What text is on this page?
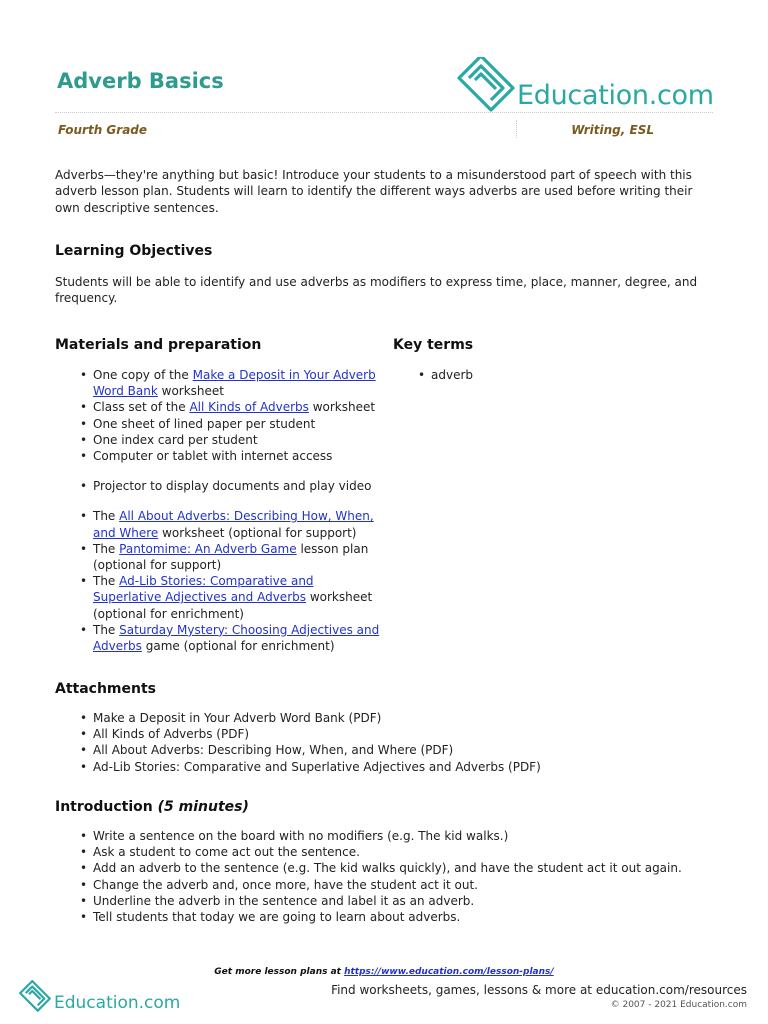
Adverb Basics	Education.com
Fourth Grade	Writing, ESL
Adverbs—they're anything but basic! Introduce your students to a misunderstood part of speech with this adverb lesson plan. Students will learn to identify the different ways adverbs are used before writing their own descriptive sentences.
Learning Objectives
Students will be able to identify and use adverbs as modifiers to express time, place, manner, degree, and frequency.
Materials and preparation
• One copy of the Make a Deposit in Your Adverb Word Bank worksheet
• Class set of the All Kinds of Adverbs worksheet
• One sheet of lined paper per student
• One index card per student
• Computer or tablet with internet access
• Projector to display documents and play video
• The All About Adverbs: Describing How, When, and Where worksheet (optional for support)
• The Pantomime: An Adverb Game lesson plan (optional for support)
• The Ad-Lib Stories: Comparative and Superlative Adjectives and Adverbs worksheet (optional for enrichment)
• The Saturday Mystery: Choosing Adjectives and Adverbs game (optional for enrichment)
Key terms
• adverb
Attachments
• Make a Deposit in Your Adverb Word Bank (PDF)
• All Kinds of Adverbs (PDF)
• All About Adverbs: Describing How, When, and Where (PDF)
• Ad-Lib Stories: Comparative and Superlative Adjectives and Adverbs (PDF)
Introduction (5 minutes)
• Write a sentence on the board with no modifiers (e.g. The kid walks.)
• Ask a student to come act out the sentence.
• Add an adverb to the sentence (e.g. The kid walks quickly), and have the student act it out again.
• Change the adverb and, once more, have the student act it out.
• Underline the adverb in the sentence and label it as an adverb.
• Tell students that today we are going to learn about adverbs.
Get more lesson plans at https://www.education.com/lesson-plans/
Education.com
Find worksheets, games, lessons & more at education.com/resources
© 2007 - 2021 Education.com
